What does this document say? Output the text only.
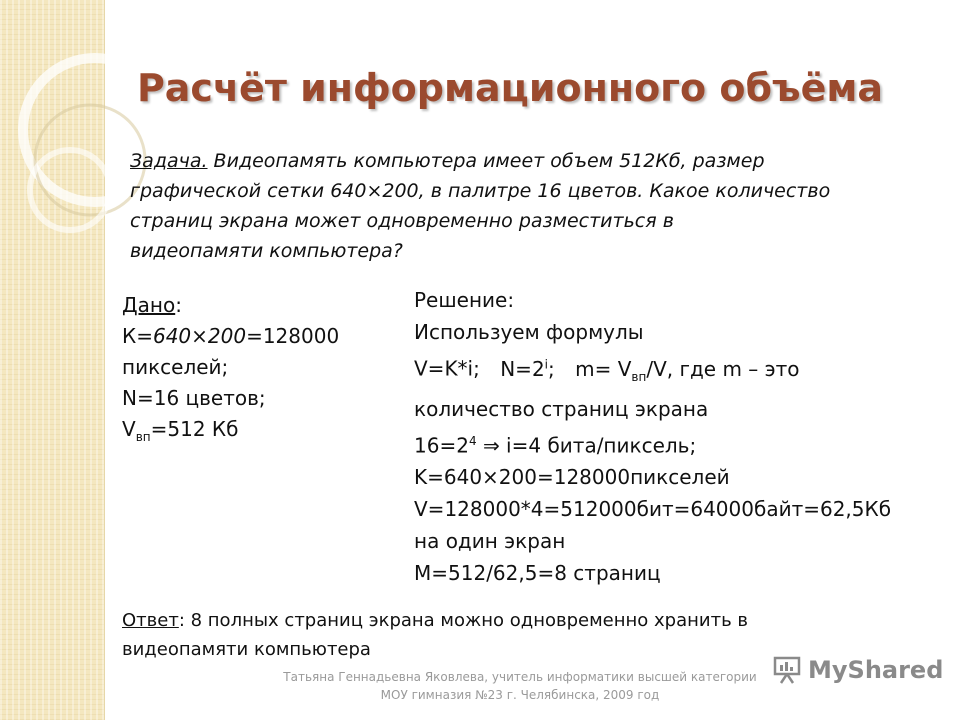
Расчёт информационного объёма
Задача. Видеопамять компьютера имеет объем 512Кб, размер
графической сетки 640×200, в палитре 16 цветов. Какое количество
страниц экрана может одновременно разместиться в
видеопамяти компьютера?
Дано:
К=640×200=128000
пикселей;
N=16 цветов;
$V_{вп}=512$ Кб
Решение:
Используем формулы
V=K*i; $N=2^i$; $m= V_{вп}/V$, где m – это
количество страниц экрана
$16=2^4$ ⇒ i=4 бита/пиксель;
K=640×200=128000пикселей
V=128000*4=512000бит=64000байт=62,5Кб
на один экран
M=512/62,5=8 страниц
Ответ: 8 полных страниц экрана можно одновременно хранить в
видеопамяти компьютера
Татьяна Геннадьевна Яковлева, учитель информатики высшей категории
МОУ гимназия №23 г. Челябинска, 2009 год
MyShared
